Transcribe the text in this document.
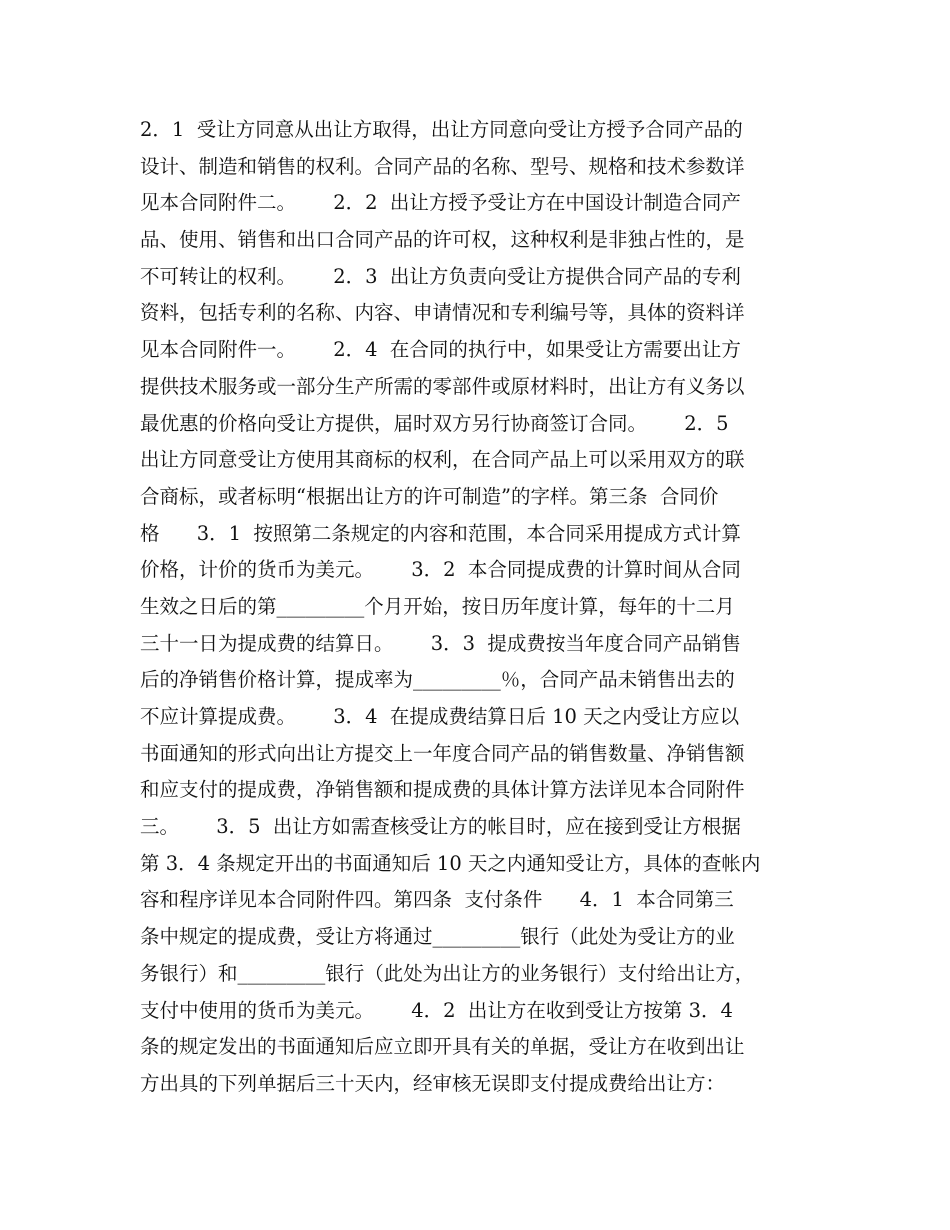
2．1  受让方同意从出让方取得，出让方同意向受让方授予合同产品的
设计、制造和销售的权利。合同产品的名称、型号、规格和技术参数详
见本合同附件二。      2．2  出让方授予受让方在中国设计制造合同产
品、使用、销售和出口合同产品的许可权，这种权利是非独占性的，是
不可转让的权利。      2．3  出让方负责向受让方提供合同产品的专利
资料，包括专利的名称、内容、申请情况和专利编号等，具体的资料详
见本合同附件一。      2．4  在合同的执行中，如果受让方需要出让方
提供技术服务或一部分生产所需的零部件或原材料时，出让方有义务以
最优惠的价格向受让方提供，届时双方另行协商签订合同。      2．5
出让方同意受让方使用其商标的权利，在合同产品上可以采用双方的联
合商标，或者标明“根据出让方的许可制造”的字样。第三条  合同价
格      3．1  按照第二条规定的内容和范围，本合同采用提成方式计算
价格，计价的货币为美元。      3．2  本合同提成费的计算时间从合同
生效之日后的第_________个月开始，按日历年度计算，每年的十二月
三十一日为提成费的结算日。      3．3  提成费按当年度合同产品销售
后的净销售价格计算，提成率为_________％，合同产品未销售出去的
不应计算提成费。      3．4  在提成费结算日后 10 天之内受让方应以
书面通知的形式向出让方提交上一年度合同产品的销售数量、净销售额
和应支付的提成费，净销售额和提成费的具体计算方法详见本合同附件
三。      3．5  出让方如需查核受让方的帐目时，应在接到受让方根据
第 3．4 条规定开出的书面通知后 10 天之内通知受让方，具体的查帐内
容和程序详见本合同附件四。第四条  支付条件      4．1  本合同第三
条中规定的提成费，受让方将通过_________银行（此处为受让方的业
务银行）和_________银行（此处为出让方的业务银行）支付给出让方，
支付中使用的货币为美元。      4．2  出让方在收到受让方按第 3．4
条的规定发出的书面通知后应立即开具有关的单据，受让方在收到出让
方出具的下列单据后三十天内，经审核无误即支付提成费给出让方：
